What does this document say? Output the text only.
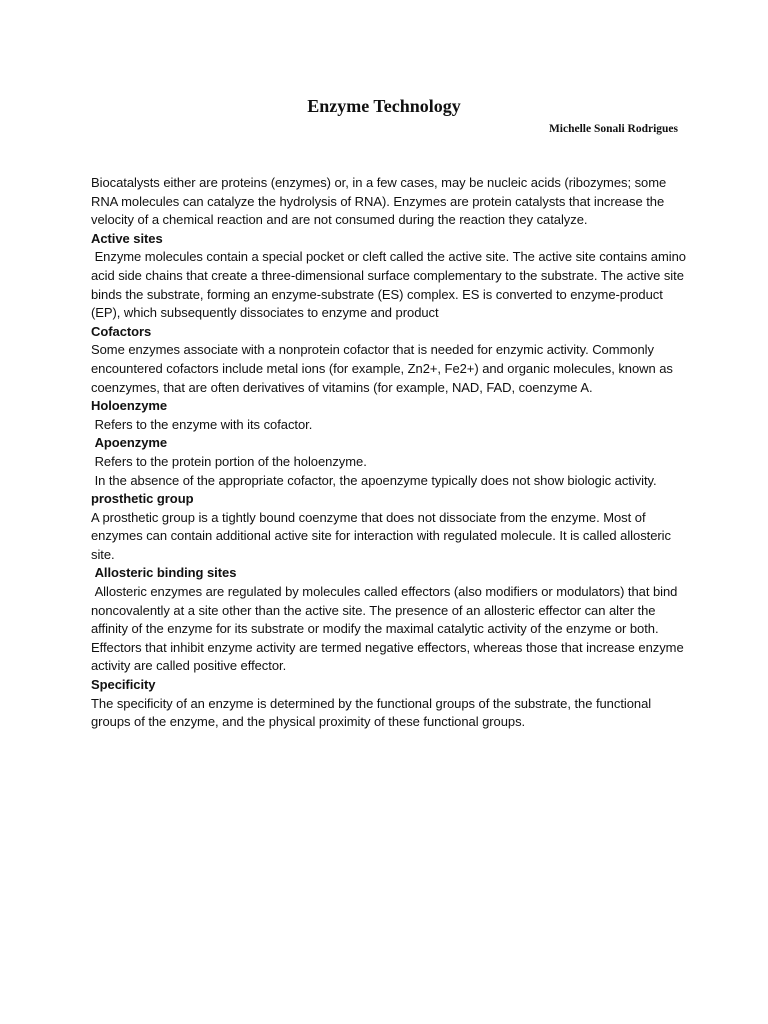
Enzyme Technology
Michelle Sonali Rodrigues

Biocatalysts either are proteins (enzymes) or, in a few cases, may be nucleic acids (ribozymes; some RNA molecules can catalyze the hydrolysis of RNA). Enzymes are protein catalysts that increase the velocity of a chemical reaction and are not consumed during the reaction they catalyze.

Active sites

Enzyme molecules contain a special pocket or cleft called the active site. The active site contains amino acid side chains that create a three-dimensional surface complementary to the substrate. The active site binds the substrate, forming an enzyme-substrate (ES) complex. ES is converted to enzyme-product (EP), which subsequently dissociates to enzyme and product

Cofactors

Some enzymes associate with a nonprotein cofactor that is needed for enzymic activity. Commonly encountered cofactors include metal ions (for example, Zn2+, Fe2+) and organic molecules, known as coenzymes, that are often derivatives of vitamins (for example, NAD, FAD, coenzyme A.

Holoenzyme

Refers to the enzyme with its cofactor.

Apoenzyme

Refers to the protein portion of the holoenzyme.

In the absence of the appropriate cofactor, the apoenzyme typically does not show biologic activity.

prosthetic group

A prosthetic group is a tightly bound coenzyme that does not dissociate from the enzyme. Most of enzymes can contain additional active site for interaction with regulated molecule. It is called allosteric site.

Allosteric binding sites

Allosteric enzymes are regulated by molecules called effectors (also modifiers or modulators) that bind noncovalently at a site other than the active site. The presence of an allosteric effector can alter the affinity of the enzyme for its substrate or modify the maximal catalytic activity of the enzyme or both. Effectors that inhibit enzyme activity are termed negative effectors, whereas those that increase enzyme activity are called positive effector.

Specificity

The specificity of an enzyme is determined by the functional groups of the substrate, the functional groups of the enzyme, and the physical proximity of these functional groups.
